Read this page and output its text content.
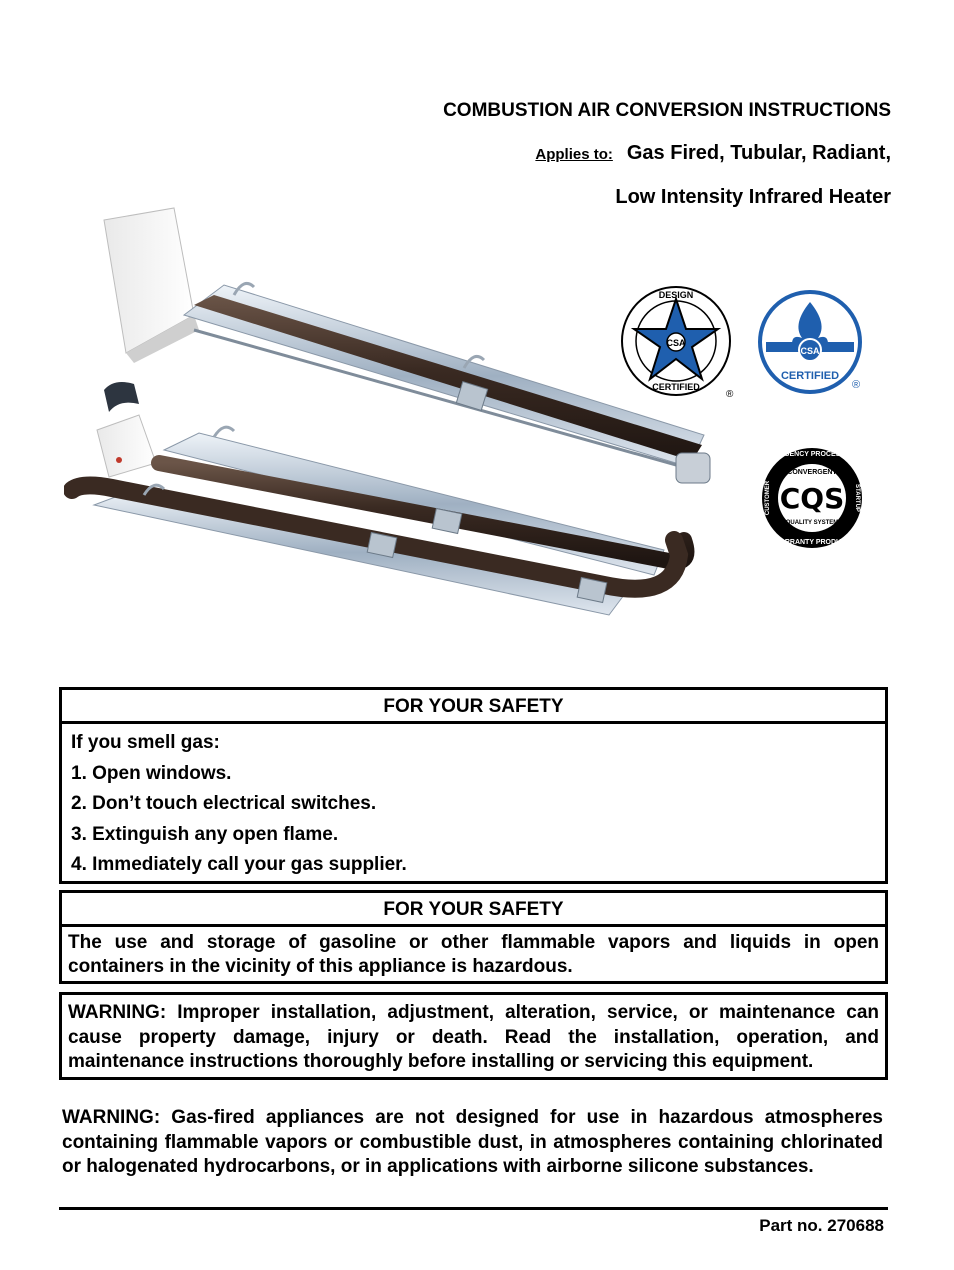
COMBUSTION AIR CONVERSION INSTRUCTIONS
Applies to: Gas Fired, Tubular, Radiant,
Low Intensity Infrared Heater
CSA
DESIGN
CERTIFIED
®
CSA
CERTIFIED
®
CQS
AGENCY PROCESS
CONVERGENT
QUALITY SYSTEM
WARRANTY PRODUCT
STARTUP
CUSTOMER
FOR YOUR SAFETY
If you smell gas:
1. Open windows.
2. Don’t touch electrical switches.
3. Extinguish any open flame.
4. Immediately call your gas supplier.
FOR YOUR SAFETY
The use and storage of gasoline or other flammable vapors and liquids in open containers in the vicinity of this appliance is hazardous.
WARNING: Improper installation, adjustment, alteration, service, or maintenance can cause property damage, injury or death. Read the installation, operation, and maintenance instructions thoroughly before installing or servicing this equipment.
WARNING: Gas-fired appliances are not designed for use in hazardous atmospheres containing flammable vapors or combustible dust, in atmospheres containing chlorinated or halogenated hydrocarbons, or in applications with airborne silicone substances.
Part no. 270688
